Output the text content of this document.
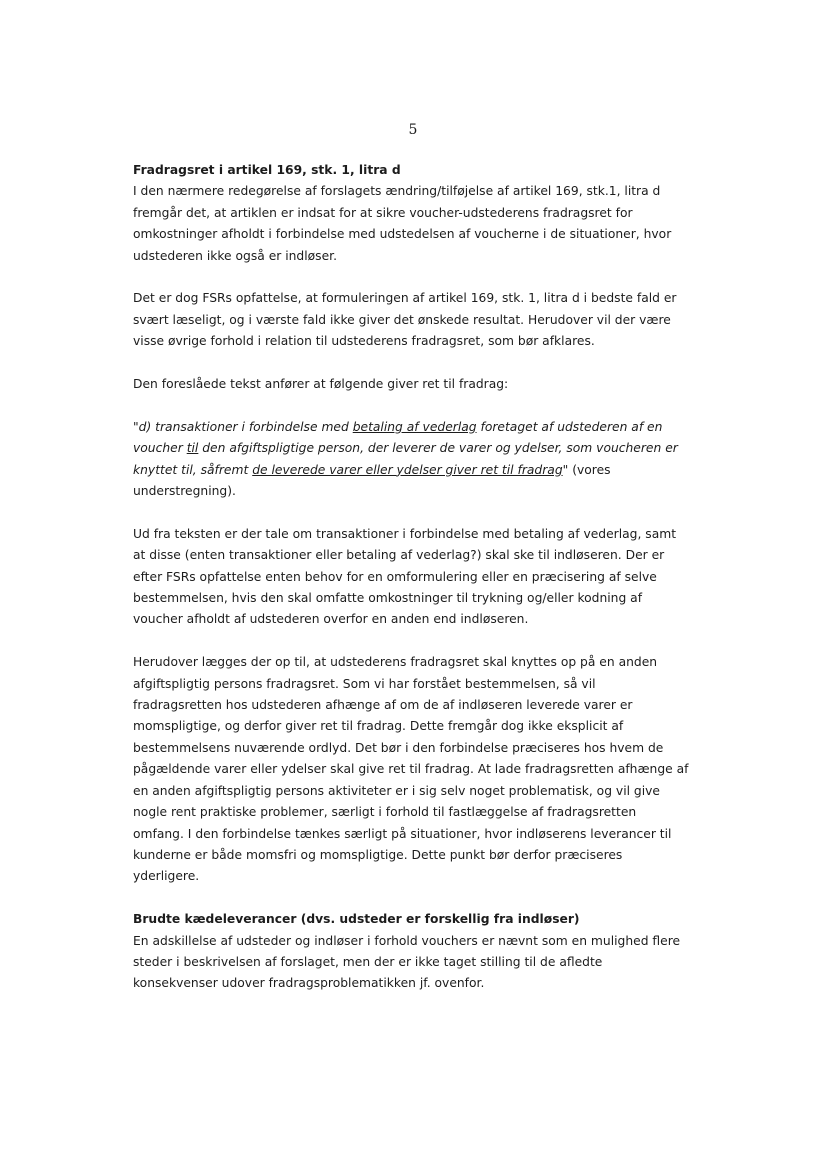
5

Fradragsret i artikel 169, stk. 1, litra d
I den nærmere redegørelse af forslagets ændring/tilføjelse af artikel 169, stk.1, litra d
fremgår det, at artiklen er indsat for at sikre voucher-udstederens fradragsret for
omkostninger afholdt i forbindelse med udstedelsen af voucherne i de situationer, hvor
udstederen ikke også er indløser.

Det er dog FSRs opfattelse, at formuleringen af artikel 169, stk. 1, litra d i bedste fald er
svært læseligt, og i værste fald ikke giver det ønskede resultat. Herudover vil der være
visse øvrige forhold i relation til udstederens fradragsret, som bør afklares.

Den foreslåede tekst anfører at følgende giver ret til fradrag:

"d) transaktioner i forbindelse med betaling af vederlag foretaget af udstederen af en
voucher til den afgiftspligtige person, der leverer de varer og ydelser, som voucheren er
knyttet til, såfremt de leverede varer eller ydelser giver ret til fradrag" (vores
understregning).

Ud fra teksten er der tale om transaktioner i forbindelse med betaling af vederlag, samt
at disse (enten transaktioner eller betaling af vederlag?) skal ske til indløseren. Der er
efter FSRs opfattelse enten behov for en omformulering eller en præcisering af selve
bestemmelsen, hvis den skal omfatte omkostninger til trykning og/eller kodning af
voucher afholdt af udstederen overfor en anden end indløseren.

Herudover lægges der op til, at udstederens fradragsret skal knyttes op på en anden
afgiftspligtig persons fradragsret. Som vi har forstået bestemmelsen, så vil
fradragsretten hos udstederen afhænge af om de af indløseren leverede varer er
momspligtige, og derfor giver ret til fradrag. Dette fremgår dog ikke eksplicit af
bestemmelsens nuværende ordlyd. Det bør i den forbindelse præciseres hos hvem de
pågældende varer eller ydelser skal give ret til fradrag. At lade fradragsretten afhænge af
en anden afgiftspligtig persons aktiviteter er i sig selv noget problematisk, og vil give
nogle rent praktiske problemer, særligt i forhold til fastlæggelse af fradragsretten
omfang. I den forbindelse tænkes særligt på situationer, hvor indløserens leverancer til
kunderne er både momsfri og momspligtige. Dette punkt bør derfor præciseres
yderligere.

Brudte kædeleverancer (dvs. udsteder er forskellig fra indløser)
En adskillelse af udsteder og indløser i forhold vouchers er nævnt som en mulighed flere
steder i beskrivelsen af forslaget, men der er ikke taget stilling til de afledte
konsekvenser udover fradragsproblematikken jf. ovenfor.
